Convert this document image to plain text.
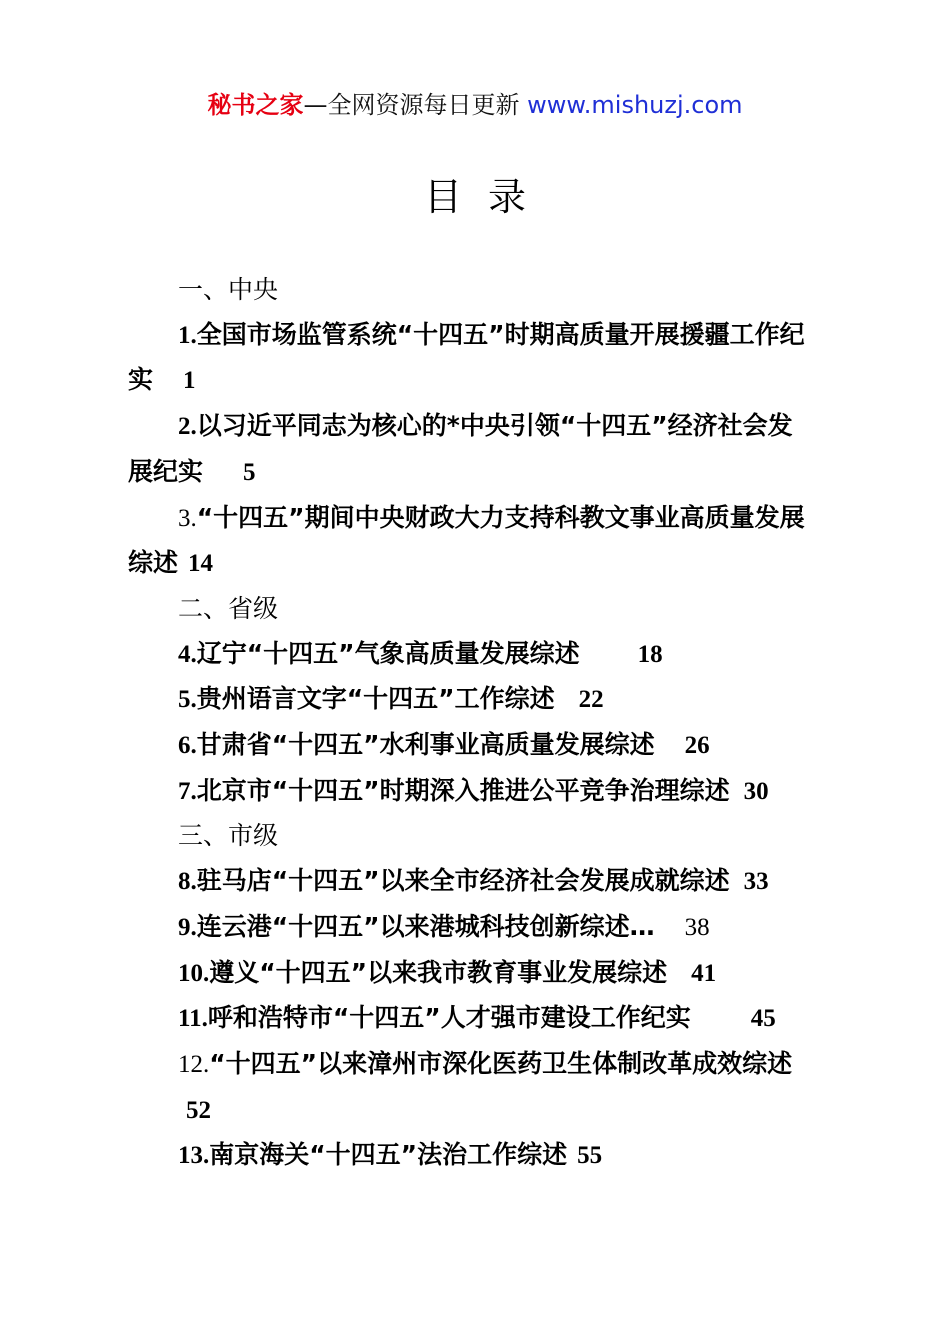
秘书之家—全网资源每日更新 www.mishuzj.com
目录
一、中央
1.全国市场监管系统“十四五”时期高质量开展援疆工作纪
实 1
2.以习近平同志为核心的*中央引领“十四五”经济社会发
展纪实 5
3.“十四五”期间中央财政大力支持科教文事业高质量发展
综述 14
二、省级
4.辽宁“十四五”气象高质量发展综述 18
5.贵州语言文字“十四五”工作综述 22
6.甘肃省“十四五”水利事业高质量发展综述 26
7.北京市“十四五”时期深入推进公平竞争治理综述 30
三、市级
8.驻马店“十四五”以来全市经济社会发展成就综述 33
9.连云港“十四五”以来港城科技创新综述… 38
10.遵义“十四五”以来我市教育事业发展综述 41
11.呼和浩特市“十四五”人才强市建设工作纪实 45
12.“十四五”以来漳州市深化医药卫生体制改革成效综述
52
13.南京海关“十四五”法治工作综述 55
